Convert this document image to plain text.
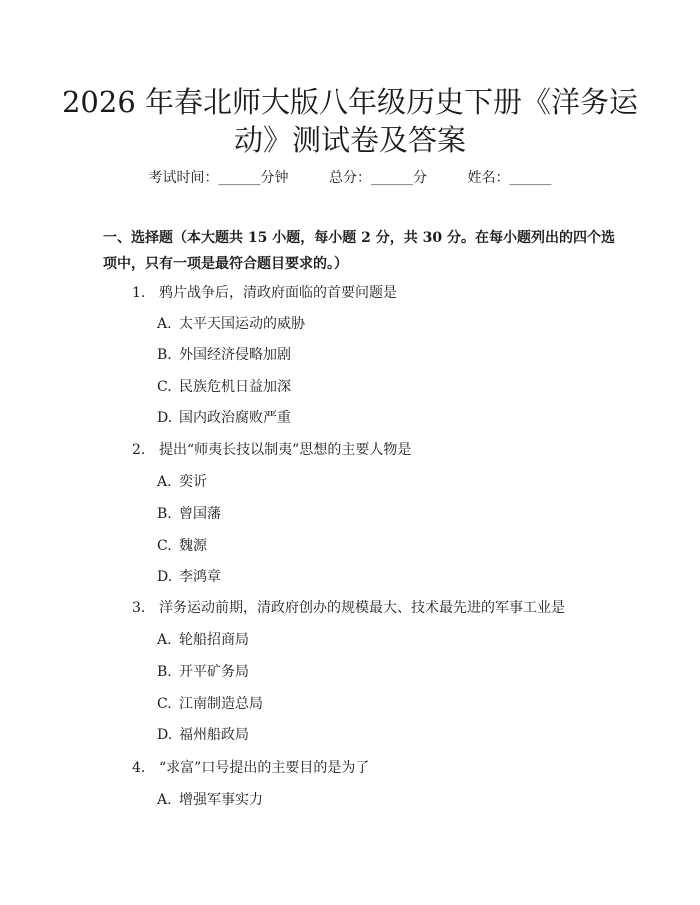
2026 年春北师大版八年级历史下册《洋务运
动》测试卷及答案
考试时间：______分钟	总分：______分	姓名：______
一、选择题（本大题共 15 小题，每小题 2 分，共 30 分。在每小题列出的四个选
项中，只有一项是最符合题目要求的。）
1. 鸦片战争后，清政府面临的首要问题是
A. 太平天国运动的威胁
B. 外国经济侵略加剧
C. 民族危机日益加深
D. 国内政治腐败严重
2. 提出“师夷长技以制夷”思想的主要人物是
A. 奕䜣
B. 曾国藩
C. 魏源
D. 李鸿章
3. 洋务运动前期，清政府创办的规模最大、技术最先进的军事工业是
A. 轮船招商局
B. 开平矿务局
C. 江南制造总局
D. 福州船政局
4. “求富”口号提出的主要目的是为了
A. 增强军事实力
